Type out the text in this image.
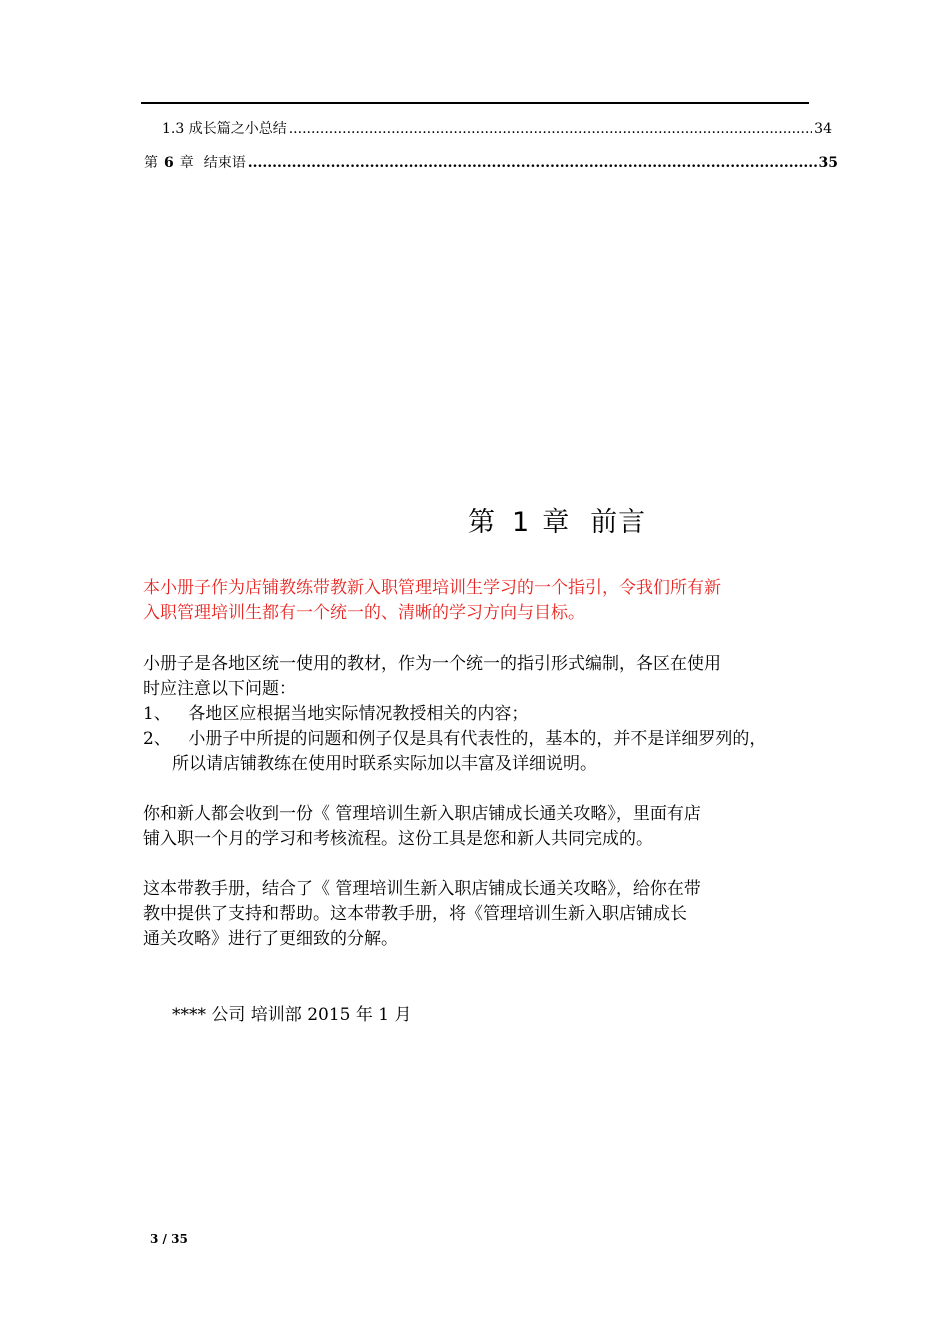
1.3 成长篇之小总结 .....	34
第 6 章 结束语 .....	35
第 1 章 前言
本小册子作为店铺教练带教新入职管理培训生学习的一个指引，令我们所有新
入职管理培训生都有一个统一的、清晰的学习方向与目标。
小册子是各地区统一使用的教材，作为一个统一的指引形式编制，各区在使用
时应注意以下问题：
1、 各地区应根据当地实际情况教授相关的内容；
2、 小册子中所提的问题和例子仅是具有代表性的，基本的，并不是详细罗列的，
所以请店铺教练在使用时联系实际加以丰富及详细说明。
你和新人都会收到一份《 管理培训生新入职店铺成长通关攻略》，里面有店
铺入职一个月的学习和考核流程。这份工具是您和新人共同完成的。
这本带教手册，结合了《 管理培训生新入职店铺成长通关攻略》，给你在带
教中提供了支持和帮助。这本带教手册，将《管理培训生新入职店铺成长
通关攻略》进行了更细致的分解。
**** 公司 培训部 2015 年 1 月
3 / 35
